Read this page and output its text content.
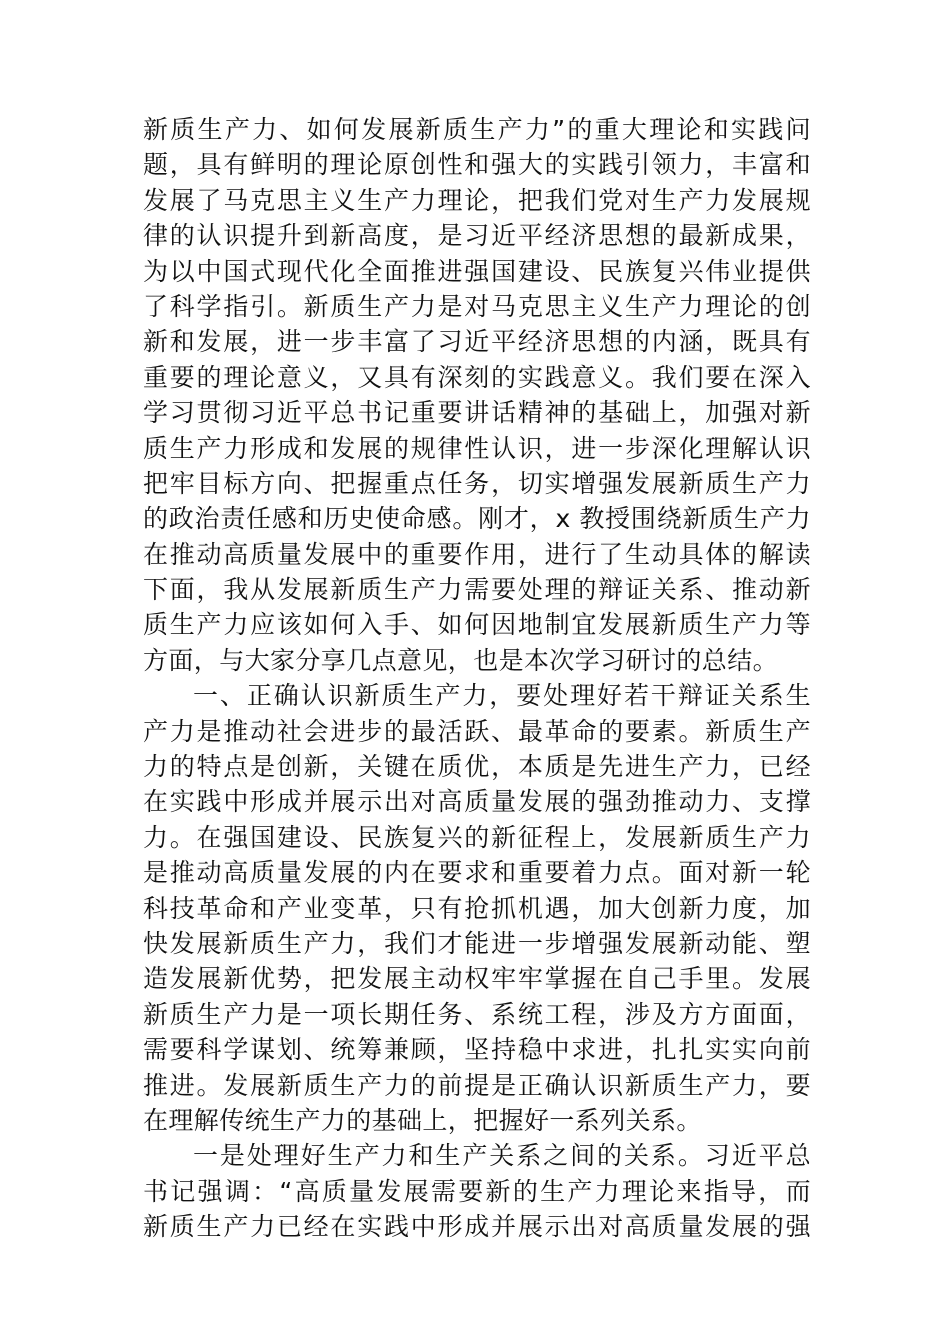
新质生产力、如何发展新质生产力”的重大理论和实践问
题，具有鲜明的理论原创性和强大的实践引领力，丰富和
发展了马克思主义生产力理论，把我们党对生产力发展规
律的认识提升到新高度，是习近平经济思想的最新成果，
为以中国式现代化全面推进强国建设、民族复兴伟业提供
了科学指引。新质生产力是对马克思主义生产力理论的创
新和发展，进一步丰富了习近平经济思想的内涵，既具有
重要的理论意义，又具有深刻的实践意义。我们要在深入
学习贯彻习近平总书记重要讲话精神的基础上，加强对新
质生产力形成和发展的规律性认识，进一步深化理解认识
把牢目标方向、把握重点任务，切实增强发展新质生产力
的政治责任感和历史使命感。刚才，x 教授围绕新质生产力
在推动高质量发展中的重要作用，进行了生动具体的解读
下面，我从发展新质生产力需要处理的辩证关系、推动新
质生产力应该如何入手、如何因地制宜发展新质生产力等
方面，与大家分享几点意见，也是本次学习研讨的总结。
一、正确认识新质生产力，要处理好若干辩证关系生
产力是推动社会进步的最活跃、最革命的要素。新质生产
力的特点是创新，关键在质优，本质是先进生产力，已经
在实践中形成并展示出对高质量发展的强劲推动力、支撑
力。在强国建设、民族复兴的新征程上，发展新质生产力
是推动高质量发展的内在要求和重要着力点。面对新一轮
科技革命和产业变革，只有抢抓机遇，加大创新力度，加
快发展新质生产力，我们才能进一步增强发展新动能、塑
造发展新优势，把发展主动权牢牢掌握在自己手里。发展
新质生产力是一项长期任务、系统工程，涉及方方面面，
需要科学谋划、统筹兼顾，坚持稳中求进，扎扎实实向前
推进。发展新质生产力的前提是正确认识新质生产力，要
在理解传统生产力的基础上，把握好一系列关系。
一是处理好生产力和生产关系之间的关系。习近平总
书记强调：“高质量发展需要新的生产力理论来指导，而
新质生产力已经在实践中形成并展示出对高质量发展的强
